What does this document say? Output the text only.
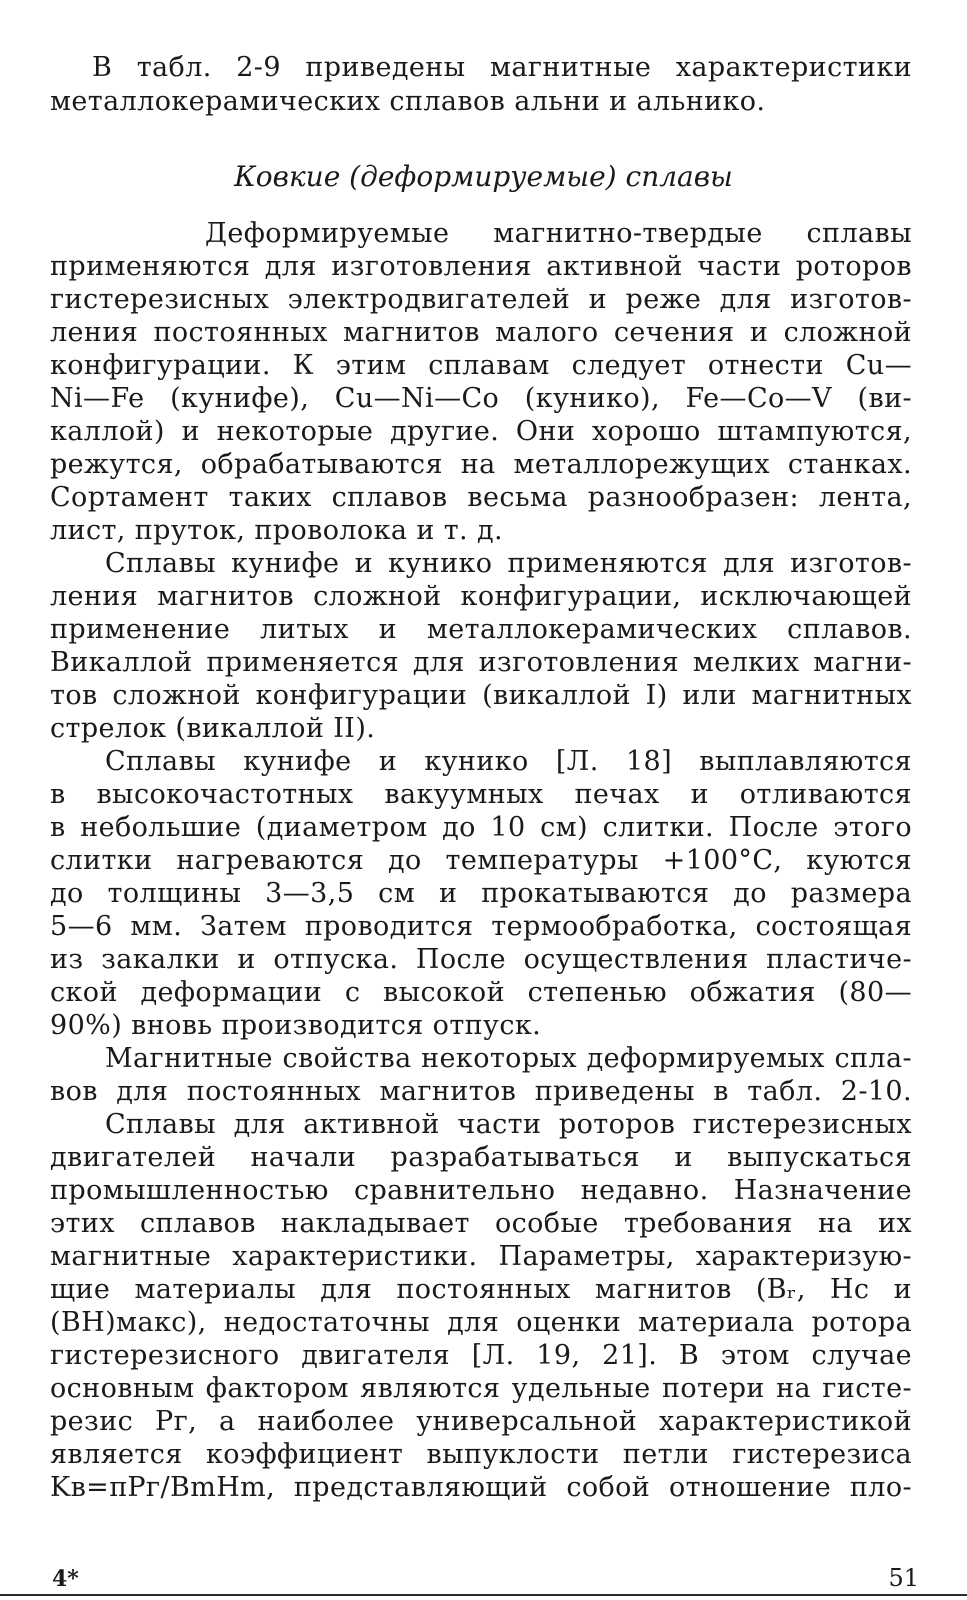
В табл. 2-9 приведены магнитные характеристики
металлокерамических сплавов альни и альнико.
Ковкие (деформируемые) сплавы
Деформируемые магнитно-твердые сплавы
применяются для изготовления активной части роторов
гистерезисных электродвигателей и реже для изготов-
ления постоянных магнитов малого сечения и сложной
конфигурации. К этим сплавам следует отнести Cu—
Ni—Fe (кунифе), Cu—Ni—Co (кунико), Fe—Co—V (ви-
каллой) и некоторые другие. Они хорошо штампуются,
режутся, обрабатываются на металлорежущих станках.
Сортамент таких сплавов весьма разнообразен: лента,
лист, пруток, проволока и т. д.
Сплавы кунифе и кунико применяются для изготов-
ления магнитов сложной конфигурации, исключающей
применение литых и металлокерамических сплавов.
Викаллой применяется для изготовления мелких магни-
тов сложной конфигурации (викаллой I) или магнитных
стрелок (викаллой II).
Сплавы кунифе и кунико [Л. 18] выплавляются
в высокочастотных вакуумных печах и отливаются
в небольшие (диаметром до 10 см) слитки. После этого
слитки нагреваются до температуры +100°С, куются
до толщины 3—3,5 см и прокатываются до размера
5—6 мм. Затем проводится термообработка, состоящая
из закалки и отпуска. После осуществления пластиче-
ской деформации с высокой степенью обжатия (80—
90%) вновь производится отпуск.
Магнитные свойства некоторых деформируемых спла-
вов для постоянных магнитов приведены в табл. 2-10.
Сплавы для активной части роторов гистерезисных
двигателей начали разрабатываться и выпускаться
промышленностью сравнительно недавно. Назначение
этих сплавов накладывает особые требования на их
магнитные характеристики. Параметры, характеризую-
щие материалы для постоянных магнитов (Bᵣ, Hc и
(BH)макс), недостаточны для оценки материала ротора
гистерезисного двигателя [Л. 19, 21]. В этом случае
основным фактором являются удельные потери на гисте-
резис Pг, а наиболее универсальной характеристикой
является коэффициент выпуклости петли гистерезиса
Kв=πPг/BmHm, представляющий собой отношение пло-
4*	51
